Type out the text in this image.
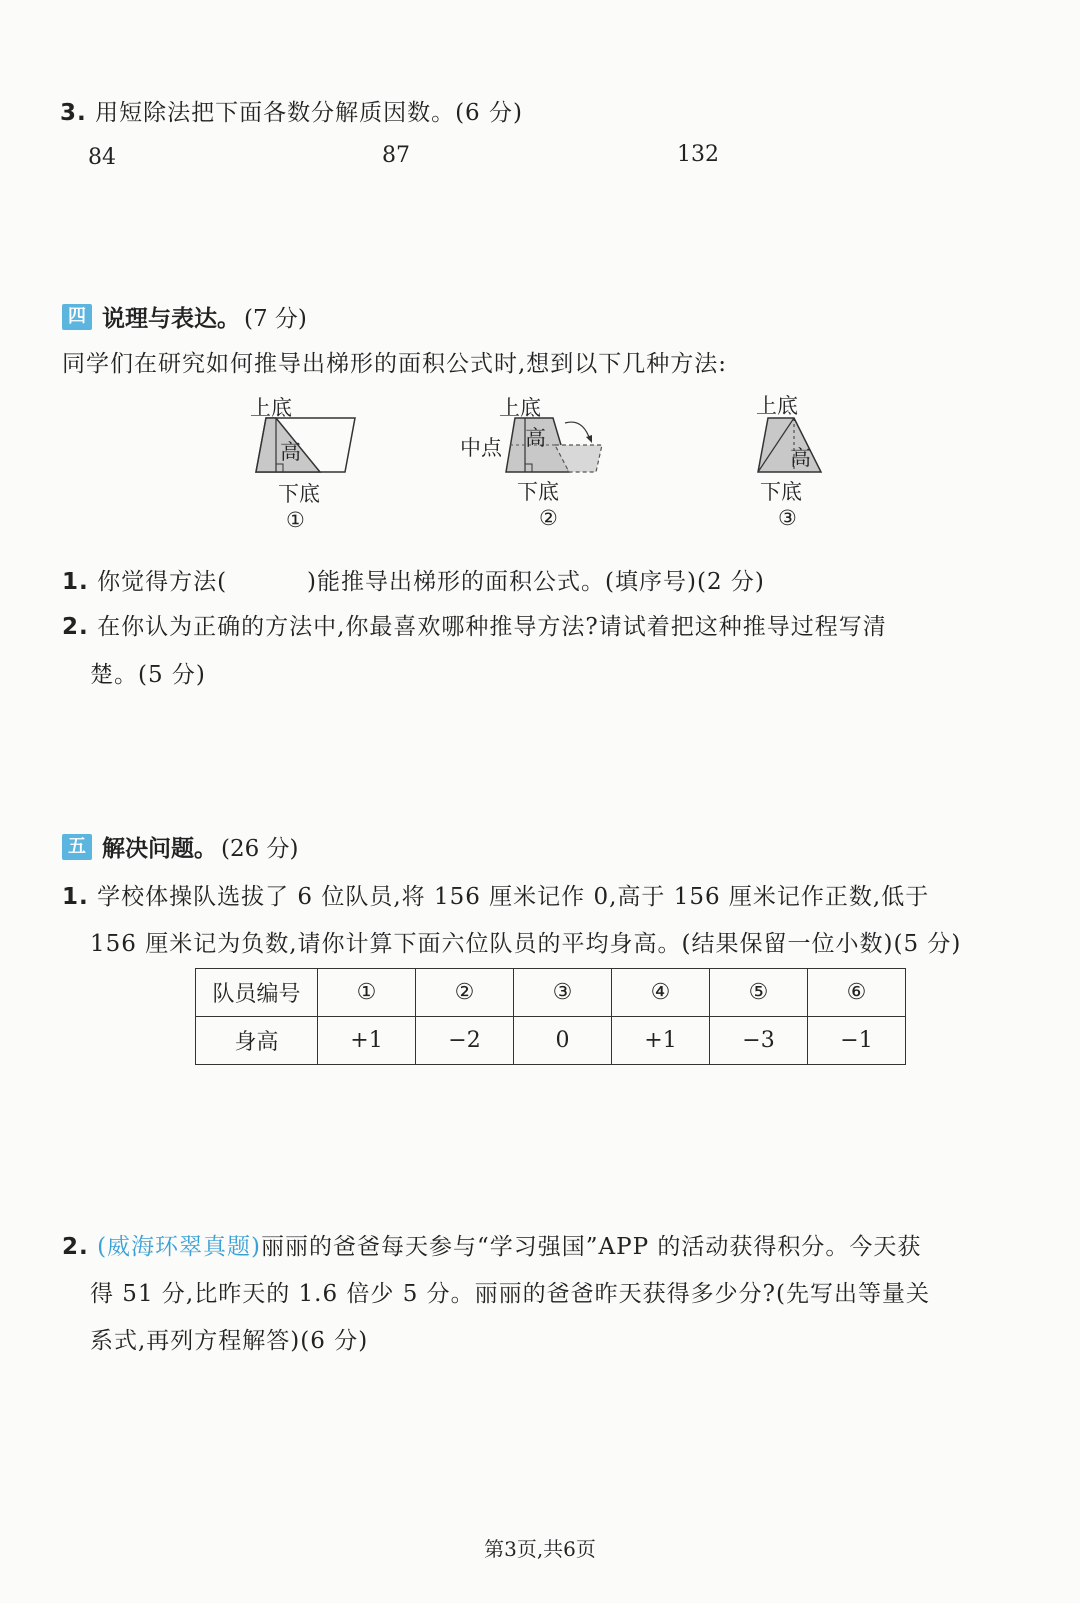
3. 用短除法把下面各数分解质因数。(6 分)
84	87	132
四 说理与表达。 (7 分)
同学们在研究如何推导出梯形的面积公式时,想到以下几种方法:
上底
高
下底
①
上底
中点 高
下底
②
上底
高
下底
③
1. 你觉得方法(	)能推导出梯形的面积公式。(填序号)(2 分)
2. 在你认为正确的方法中,你最喜欢哪种推导方法?请试着把这种推导过程写清
楚。(5 分)
五 解决问题。 (26 分)
1. 学校体操队选拔了 6 位队员,将 156 厘米记作 0,高于 156 厘米记作正数,低于
156 厘米记为负数,请你计算下面六位队员的平均身高。(结果保留一位小数)(5 分)
队员编号	①	②	③	④	⑤	⑥
身高	+1	−2	0	+1	−3	−1
2. (威海环翠真题)丽丽的爸爸每天参与“学习强国”APP 的活动获得积分。今天获
得 51 分,比昨天的 1.6 倍少 5 分。丽丽的爸爸昨天获得多少分?(先写出等量关
系式,再列方程解答)(6 分)
第3页,共6页
